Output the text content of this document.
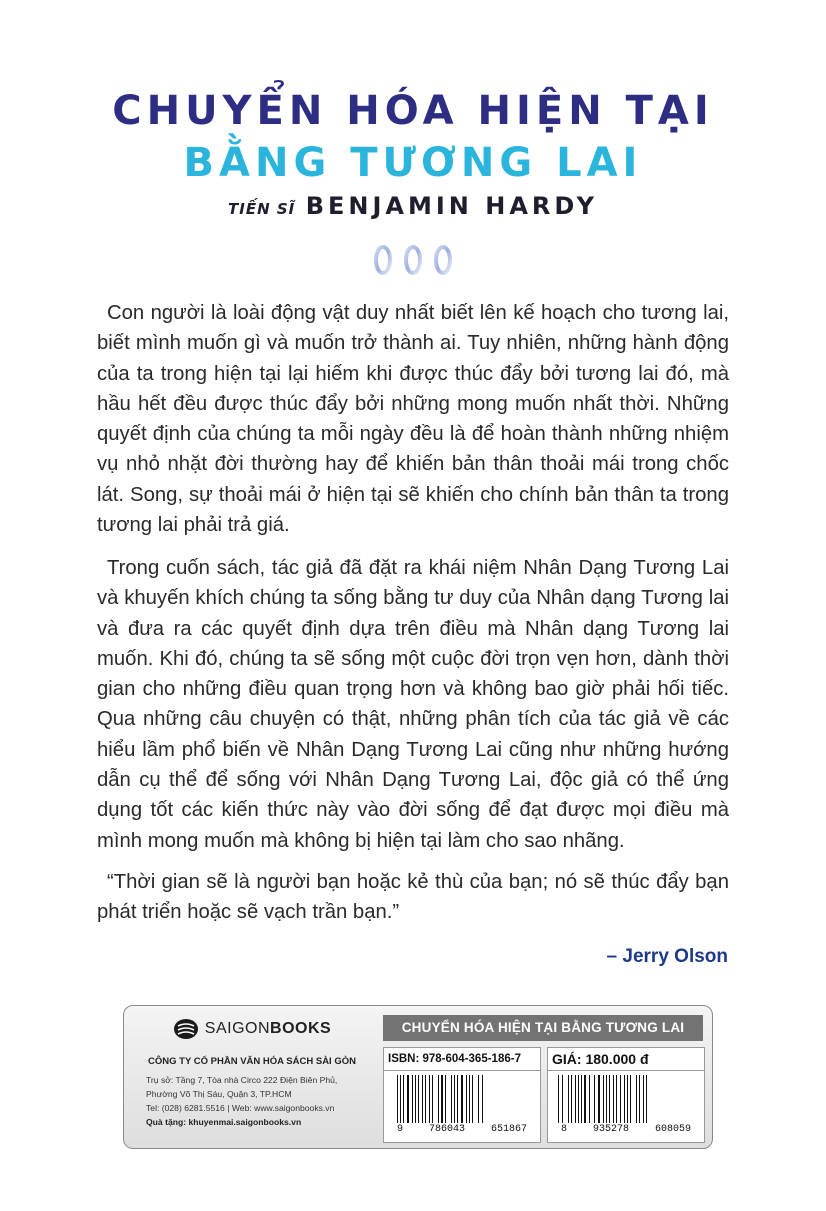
CHUYỂN HÓA HIỆN TẠI
BẰNG TƯƠNG LAI
TIẾN SĨ BENJAMIN HARDY

Con người là loài động vật duy nhất biết lên kế hoạch cho tương lai, biết mình muốn gì và muốn trở thành ai. Tuy nhiên, những hành động của ta trong hiện tại lại hiếm khi được thúc đẩy bởi tương lai đó, mà hầu hết đều được thúc đẩy bởi những mong muốn nhất thời. Những quyết định của chúng ta mỗi ngày đều là để hoàn thành những nhiệm vụ nhỏ nhặt đời thường hay để khiến bản thân thoải mái trong chốc lát. Song, sự thoải mái ở hiện tại sẽ khiến cho chính bản thân ta trong tương lai phải trả giá.

Trong cuốn sách, tác giả đã đặt ra khái niệm Nhân Dạng Tương Lai và khuyến khích chúng ta sống bằng tư duy của Nhân dạng Tương lai và đưa ra các quyết định dựa trên điều mà Nhân dạng Tương lai muốn. Khi đó, chúng ta sẽ sống một cuộc đời trọn vẹn hơn, dành thời gian cho những điều quan trọng hơn và không bao giờ phải hối tiếc. Qua những câu chuyện có thật, những phân tích của tác giả về các hiểu lầm phổ biến về Nhân Dạng Tương Lai cũng như những hướng dẫn cụ thể để sống với Nhân Dạng Tương Lai, độc giả có thể ứng dụng tốt các kiến thức này vào đời sống để đạt được mọi điều mà mình mong muốn mà không bị hiện tại làm cho sao nhãng.

“Thời gian sẽ là người bạn hoặc kẻ thù của bạn; nó sẽ thúc đẩy bạn phát triển hoặc sẽ vạch trần bạn.”

– Jerry Olson
SAIGONBOOKS
CÔNG TY CỔ PHẦN VĂN HÓA SÁCH SÀI GÒN
Trụ sở: Tầng 7, Tòa nhà Circo 222 Điện Biên Phủ,
Phường Võ Thị Sáu, Quận 3, TP.HCM
Tel: (028) 6281.5516 | Web: www.saigonbooks.vn
Quà tặng: khuyenmai.saigonbooks.vn
CHUYỂN HÓA HIỆN TẠI BẰNG TƯƠNG LAI
ISBN: 978-604-365-186-7
9	786043	651867
GIÁ: 180.000 đ
8	935278	608059
